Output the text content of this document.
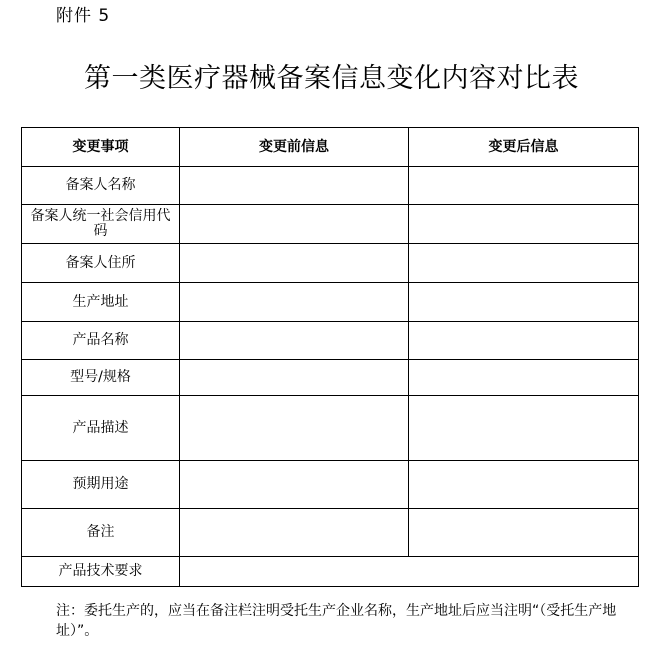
附件 5
第一类医疗器械备案信息变化内容对比表
变更事项	变更前信息	变更后信息
备案人名称		
备案人统一社会信用代码		
备案人住所		
生产地址		
产品名称		
型号/规格		
产品描述		
预期用途		
备注		
产品技术要求		
注：委托生产的，应当在备注栏注明受托生产企业名称，生产地址后应当注明“（受托生产地址）”。
